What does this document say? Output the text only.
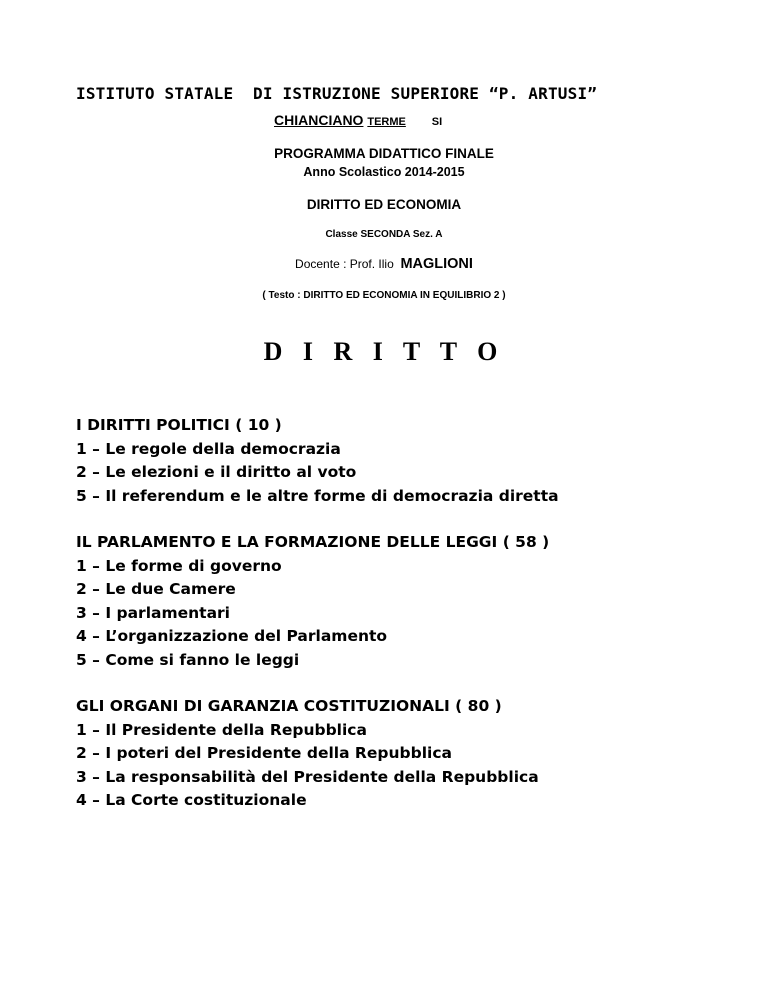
ISTITUTO STATALE  DI ISTRUZIONE SUPERIORE “P. ARTUSI”
CHIANCIANO TERME SI
PROGRAMMA DIDATTICO FINALE
Anno Scolastico 2014-2015
DIRITTO ED ECONOMIA
Classe SECONDA Sez. A
Docente : Prof. Ilio MAGLIONI
( Testo : DIRITTO ED ECONOMIA IN EQUILIBRIO 2 )
D I R I T T O
I DIRITTI POLITICI ( 10 )
1 – Le regole della democrazia
2 – Le elezioni e il diritto al voto
5 – Il referendum e le altre forme di democrazia diretta
IL PARLAMENTO E LA FORMAZIONE DELLE LEGGI ( 58 )
1 – Le forme di governo
2 – Le due Camere
3 – I parlamentari
4 – L’organizzazione del Parlamento
5 – Come si fanno le leggi
GLI ORGANI DI GARANZIA COSTITUZIONALI ( 80 )
1 – Il Presidente della Repubblica
2 – I poteri del Presidente della Repubblica
3 – La responsabilità del Presidente della Repubblica
4 – La Corte costituzionale
